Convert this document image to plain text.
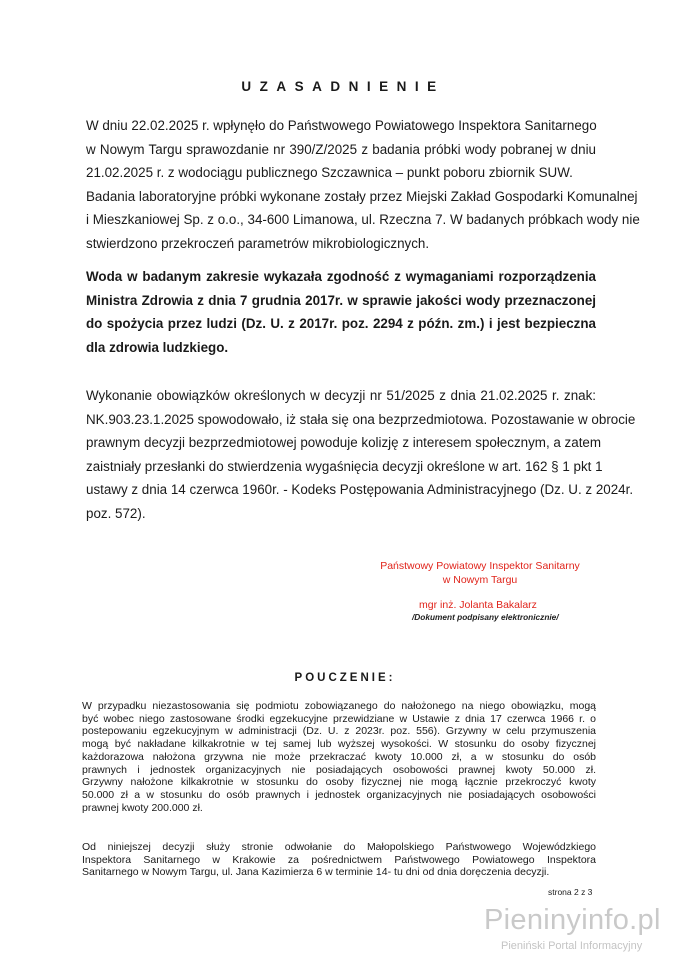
UZASADNIENIE
W dniu 22.02.2025 r. wpłynęło do Państwowego Powiatowego Inspektora Sanitarnego
w Nowym Targu sprawozdanie nr 390/Z/2025 z badania próbki wody pobranej w dniu
21.02.2025 r. z wodociągu publicznego Szczawnica – punkt poboru zbiornik SUW.
Badania laboratoryjne próbki wykonane zostały przez Miejski Zakład Gospodarki Komunalnej
i Mieszkaniowej Sp. z o.o., 34-600 Limanowa, ul. Rzeczna 7. W badanych próbkach wody nie
stwierdzono przekroczeń parametrów mikrobiologicznych.
Woda w badanym zakresie wykazała zgodność z wymaganiami rozporządzenia
Ministra Zdrowia z dnia 7 grudnia 2017r. w sprawie jakości wody przeznaczonej
do spożycia przez ludzi (Dz. U. z 2017r. poz. 2294 z późn. zm.) i jest bezpieczna
dla zdrowia ludzkiego.
Wykonanie obowiązków określonych w decyzji nr 51/2025 z dnia 21.02.2025 r. znak:
NK.903.23.1.2025 spowodowało, iż stała się ona bezprzedmiotowa. Pozostawanie w obrocie
prawnym decyzji bezprzedmiotowej powoduje kolizję z interesem społecznym, a zatem
zaistniały przesłanki do stwierdzenia wygaśnięcia decyzji określone w art. 162 § 1 pkt 1
ustawy z dnia 14 czerwca 1960r. - Kodeks Postępowania Administracyjnego (Dz. U. z 2024r.
poz. 572).
Państwowy Powiatowy Inspektor Sanitarny
w Nowym Targu
mgr inż. Jolanta Bakalarz
/Dokument podpisany elektronicznie/
POUCZENIE:
W przypadku niezastosowania się podmiotu zobowiązanego do nałożonego na niego obowiązku, mogą
być wobec niego zastosowane środki egzekucyjne przewidziane w Ustawie z dnia 17 czerwca 1966 r. o
postepowaniu egzekucyjnym w administracji (Dz. U. z 2023r. poz. 556). Grzywny w celu przymuszenia
mogą być nakładane kilkakrotnie w tej samej lub wyższej wysokości. W stosunku do osoby fizycznej
każdorazowa nałożona grzywna nie może przekraczać kwoty 10.000 zł, a w stosunku do osób
prawnych i jednostek organizacyjnych nie posiadających osobowości prawnej kwoty 50.000 zł.
Grzywny nałożone kilkakrotnie w stosunku do osoby fizycznej nie mogą łącznie przekroczyć kwoty
50.000 zł a w stosunku do osób prawnych i jednostek organizacyjnych nie posiadających osobowości
prawnej kwoty 200.000 zł.
Od niniejszej decyzji służy stronie odwołanie do Małopolskiego Państwowego Wojewódzkiego
Inspektora Sanitarnego w Krakowie za pośrednictwem Państwowego Powiatowego Inspektora
Sanitarnego w Nowym Targu, ul. Jana Kazimierza 6 w terminie 14- tu dni od dnia doręczenia decyzji.
strona 2 z 3
Pieninyinfo.pl
Pieniński Portal Informacyjny
